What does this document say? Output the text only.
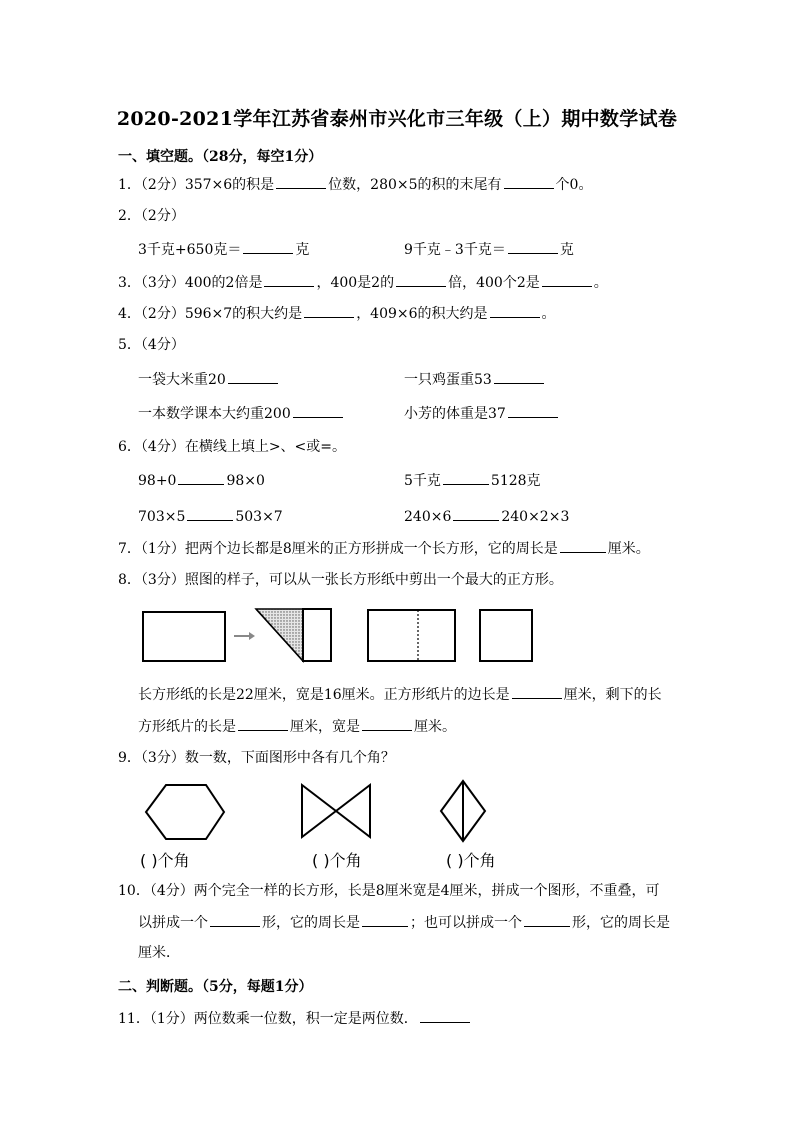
2020-2021学年江苏省泰州市兴化市三年级（上）期中数学试卷
一、填空题。（28分，每空1分）
1．（2分）357×6的积是	位数，280×5的积的末尾有	个0。
2．（2分）
3千克+650克＝	克	9千克﹣3千克＝	克
3．（3分）400的2倍是	，400是2的	倍，400个2是	。
4．（2分）596×7的积大约是	，409×6的积大约是	。
5．（4分）
一袋大米重20	一只鸡蛋重53
一本数学课本大约重200	小芳的体重是37
6．（4分）在横线上填上>、<或=。
98+0	98×0	5千克	5128克
703×5	503×7	240×6	240×2×3
7．（1分）把两个边长都是8厘米的正方形拼成一个长方形，它的周长是	厘米。
8．（3分）照图的样子，可以从一张长方形纸中剪出一个最大的正方形。
长方形纸的长是22厘米，宽是16厘米。正方形纸片的边长是	厘米，剩下的长
方形纸片的长是	厘米，宽是	厘米。
9．（3分）数一数，下面图形中各有几个角？
( )个角	( )个角	( )个角
10．（4分）两个完全一样的长方形，长是8厘米宽是4厘米，拼成一个图形，不重叠，可
以拼成一个	形，它的周长是	；也可以拼成一个	形，它的周长是
厘米．
二、判断题。（5分，每题1分）
11．（1分）两位数乘一位数，积一定是两位数．
